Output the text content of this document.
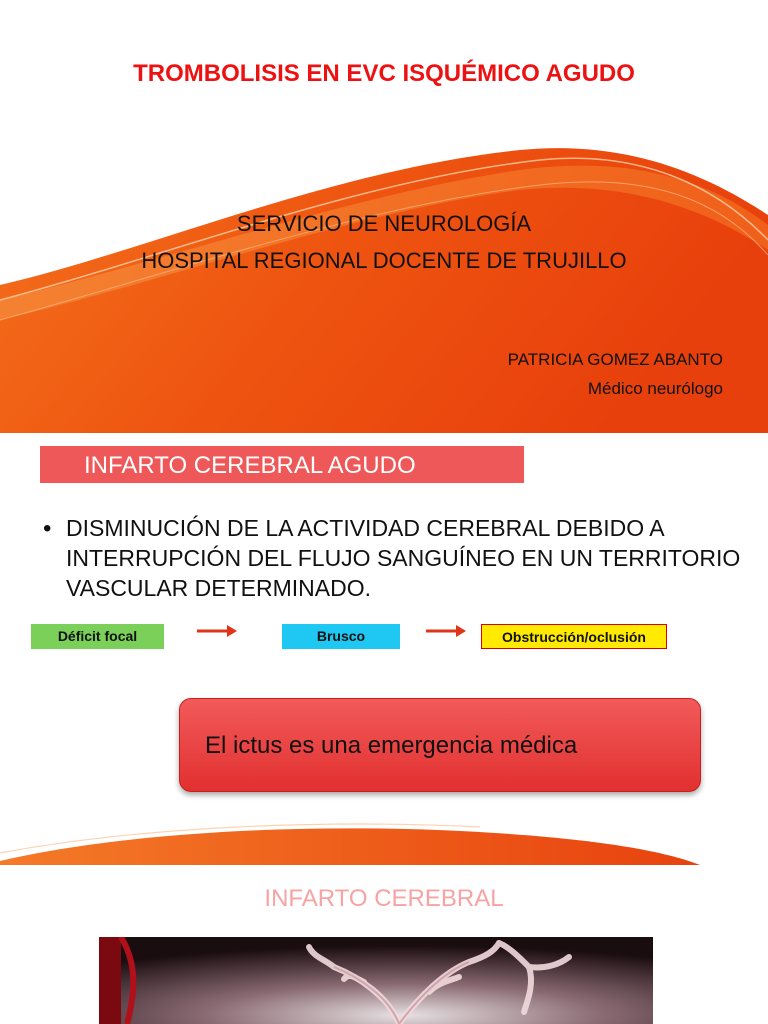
TROMBOLISIS EN EVC ISQUÉMICO AGUDO
SERVICIO DE NEUROLOGÍA
HOSPITAL REGIONAL DOCENTE DE TRUJILLO
PATRICIA GOMEZ ABANTO
Médico neurólogo
INFARTO CEREBRAL AGUDO
• DISMINUCIÓN DE LA ACTIVIDAD CEREBRAL DEBIDO A INTERRUPCIÓN DEL FLUJO SANGUÍNEO EN UN TERRITORIO VASCULAR DETERMINADO.
Déficit focal	Brusco	Obstrucción/oclusión
El ictus es una emergencia médica
INFARTO CEREBRAL
